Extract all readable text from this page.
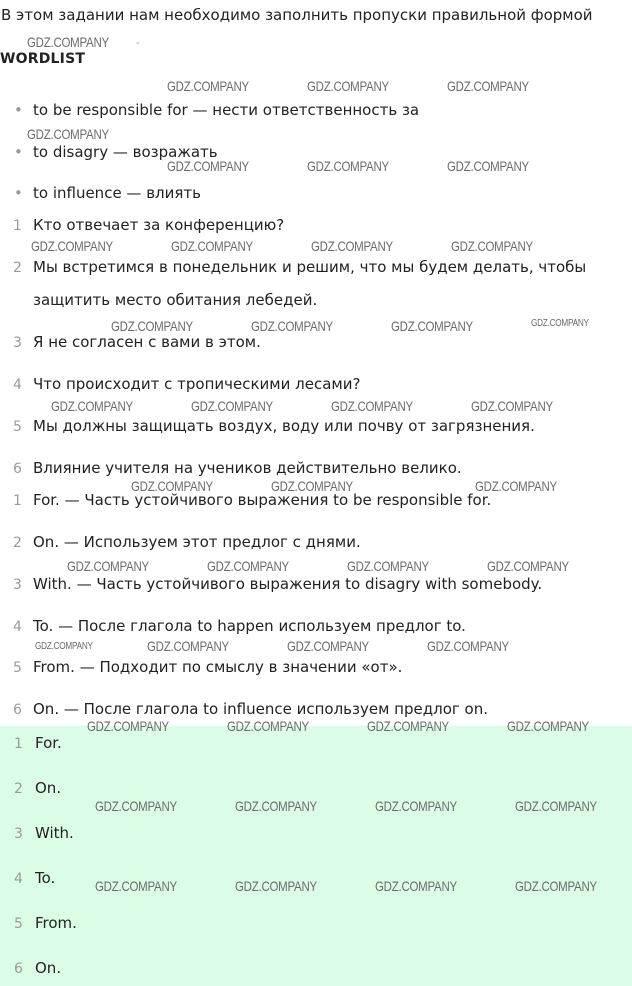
В этом задании нам необходимо заполнить пропуски правильной формой
-
WORDLIST
• to be responsible for — нести ответственность за
• to disagry — возражать
• to influence — влиять
1 Кто отвечает за конференцию?
2 Мы встретимся в понедельник и решим, что мы будем делать, чтобы
защитить место обитания лебедей.
3 Я не согласен с вами в этом.
4 Что происходит с тропическими лесами?
5 Мы должны защищать воздух, воду или почву от загрязнения.
6 Влияние учителя на учеников действительно велико.
1 For. — Часть устойчивого выражения to be responsible for.
2 On. — Используем этот предлог с днями.
3 With. — Часть устойчивого выражения to disagry with somebody.
4 To. — После глагола to happen используем предлог to.
5 From. — Подходит по смыслу в значении «от».
6 On. — После глагола to influence используем предлог on.
1 For.
2 On.
3 With.
4 To.
5 From.
6 On.
GDZ.COMPANY
GDZ.COMPANY	GDZ.COMPANY	GDZ.COMPANY
GDZ.COMPANY
GDZ.COMPANY	GDZ.COMPANY	GDZ.COMPANY
GDZ.COMPANY	GDZ.COMPANY	GDZ.COMPANY	GDZ.COMPANY
GDZ.COMPANY	GDZ.COMPANY	GDZ.COMPANY	GDZ.COMPANY
GDZ.COMPANY	GDZ.COMPANY	GDZ.COMPANY	GDZ.COMPANY
GDZ.COMPANY	GDZ.COMPANY	GDZ.COMPANY
GDZ.COMPANY	GDZ.COMPANY	GDZ.COMPANY	GDZ.COMPANY
GDZ.COMPANY	GDZ.COMPANY	GDZ.COMPANY	GDZ.COMPANY
GDZ.COMPANY	GDZ.COMPANY	GDZ.COMPANY	GDZ.COMPANY
GDZ.COMPANY	GDZ.COMPANY	GDZ.COMPANY	GDZ.COMPANY
GDZ.COMPANY	GDZ.COMPANY	GDZ.COMPANY	GDZ.COMPANY
